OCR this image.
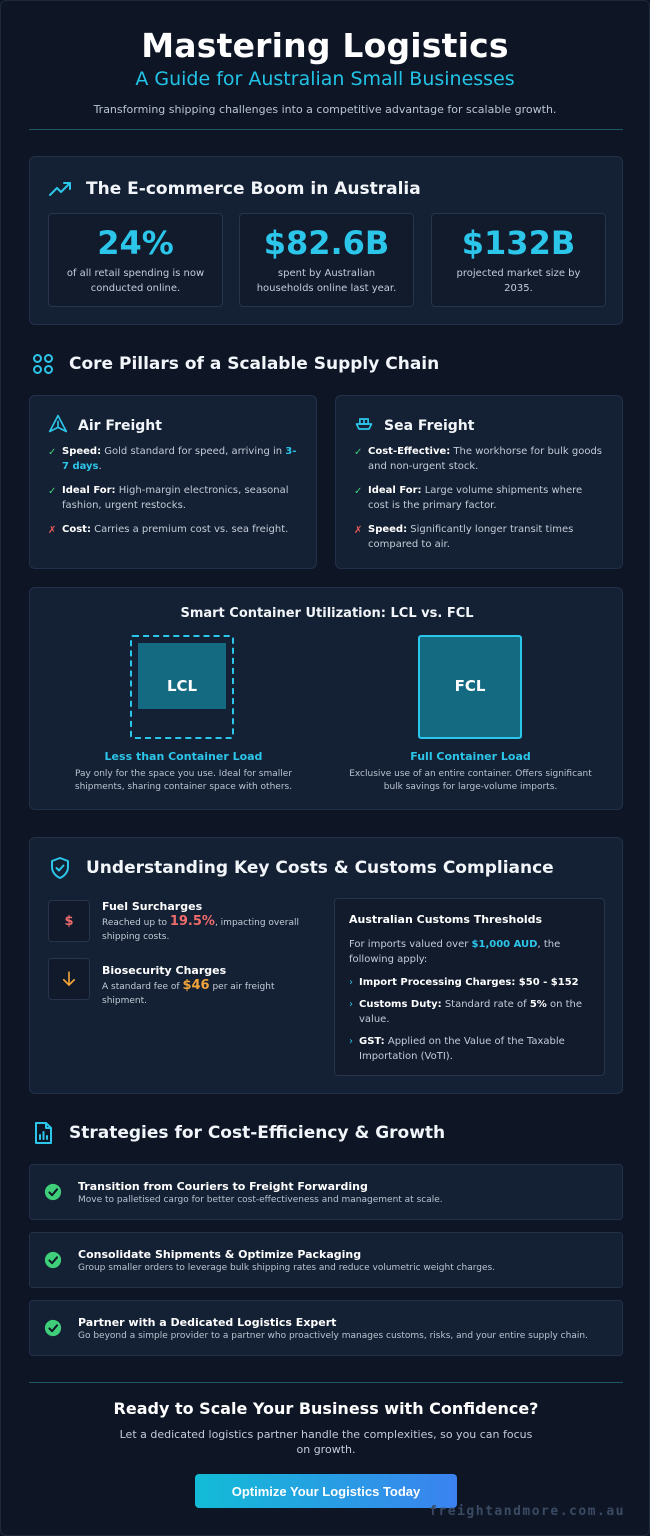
Mastering Logistics
A Guide for Australian Small Businesses
Transforming shipping challenges into a competitive advantage for scalable growth.
The E-commerce Boom in Australia
24%
of all retail spending is now conducted online.
$82.6B
spent by Australian households online last year.
$132B
projected market size by 2035.
Core Pillars of a Scalable Supply Chain
Air Freight
✓ Speed: Gold standard for speed, arriving in 3-7 days.
✓ Ideal For: High-margin electronics, seasonal fashion, urgent restocks.
✗ Cost: Carries a premium cost vs. sea freight.
Sea Freight
✓ Cost-Effective: The workhorse for bulk goods and non-urgent stock.
✓ Ideal For: Large volume shipments where cost is the primary factor.
✗ Speed: Significantly longer transit times compared to air.
Smart Container Utilization: LCL vs. FCL
LCL
Less than Container Load
Pay only for the space you use. Ideal for smaller shipments, sharing container space with others.
FCL
Full Container Load
Exclusive use of an entire container. Offers significant bulk savings for large-volume imports.
Understanding Key Costs & Customs Compliance
$
Fuel Surcharges
Reached up to 19.5%, impacting overall shipping costs.
Biosecurity Charges
A standard fee of $46 per air freight shipment.
Australian Customs Thresholds
For imports valued over $1,000 AUD, the following apply:
› Import Processing Charges: $50 - $152
› Customs Duty: Standard rate of 5% on the value.
› GST: Applied on the Value of the Taxable Importation (VoTI).
Strategies for Cost-Efficiency & Growth
Transition from Couriers to Freight Forwarding
Move to palletised cargo for better cost-effectiveness and management at scale.
Consolidate Shipments & Optimize Packaging
Group smaller orders to leverage bulk shipping rates and reduce volumetric weight charges.
Partner with a Dedicated Logistics Expert
Go beyond a simple provider to a partner who proactively manages customs, risks, and your entire supply chain.
Ready to Scale Your Business with Confidence?
Let a dedicated logistics partner handle the complexities, so you can focus on growth.
Optimize Your Logistics Today
freightandmore.com.au
